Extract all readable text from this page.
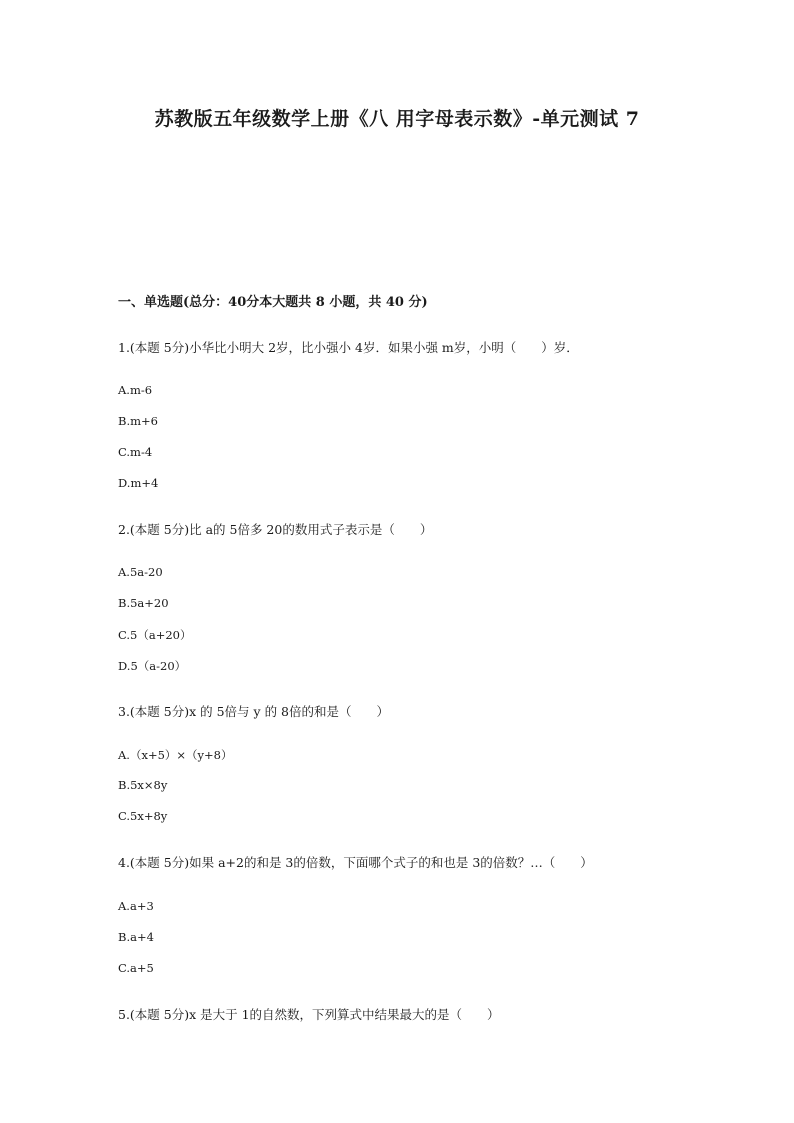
苏教版五年级数学上册《八 用字母表示数》-单元测试 7
一、单选题(总分：40分本大题共 8 小题，共 40 分)
1.(本题 5分)小华比小明大 2岁，比小强小 4岁．如果小强 m岁，小明（　　）岁．
A.m-6
B.m+6
C.m-4
D.m+4
2.(本题 5分)比 a的 5倍多 20的数用式子表示是（　　）
A.5a-20
B.5a+20
C.5（a+20）
D.5（a-20）
3.(本题 5分)x 的 5倍与 y 的 8倍的和是（　　）
A.（x+5）×（y+8）
B.5x×8y
C.5x+8y
4.(本题 5分)如果 a+2的和是 3的倍数，下面哪个式子的和也是 3的倍数？…（　　）
A.a+3
B.a+4
C.a+5
5.(本题 5分)x 是大于 1的自然数，下列算式中结果最大的是（　　）
